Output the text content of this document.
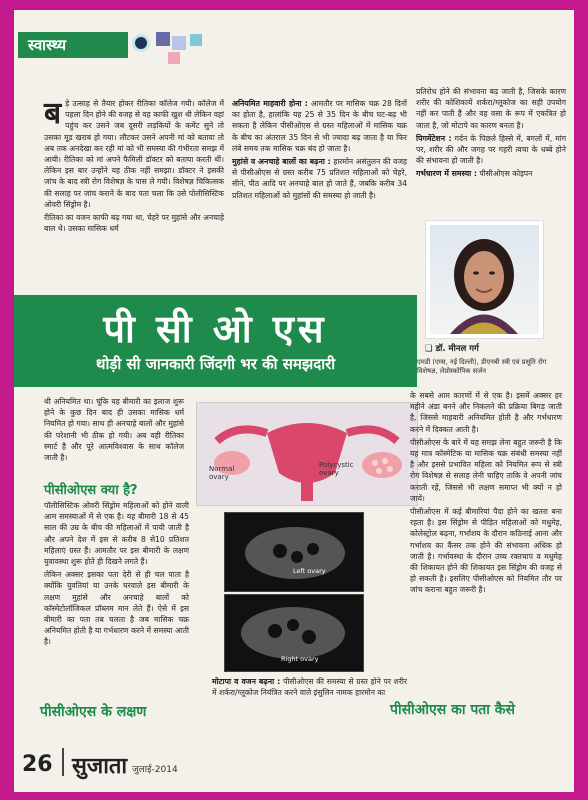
स्वास्थ्य
ब ड़े उत्साह से तैयार होकर रीतिका कॉलेज गयी। कॉलेज में पहला दिन होने की वजह से वह काफी खुश थी लेकिन वहां पहुंच कर उसने जब दूसरी लड़कियों के कमेंट सुने तो उसका मूड खराब हो गया। लौटकर उसने अपनी मां को बताया तो अब तक अनदेखा कर रही मां को भी समस्या की गंभीरता समझ में आयी। रीतिका को मां अपने फैमिली डॉक्टर को बताया करती थीं। लेकिन इस बार उन्होंने यह ठीक नहीं समझा। डॉक्टर ने इसकी जांच के बाद स्त्री रोग विशेषज्ञ के पास ले गयी। विशेषज्ञ चिकित्सक की सलाह पर जांच कराने के बाद पता चला कि उसे पोलीसिस्टिक ओवरी सिंड्रोम है।

रीतिका का वजन काफी बढ़ गया था, चेहरे पर मुहांसे और अनचाहे बाल थे। उसका मासिक धर्म

अनियमित माहवारी होना : आमतौर पर मासिक चक्र 28 दिनों का होता है, हालांकि यह 25 से 35 दिन के बीच घट-बढ़ भी सकता है लेकिन पीसीओएस से ग्रस्त महिलाओं में मासिक चक्र के बीच का अंतराल 35 दिन से भी ज्यादा बढ़ जाता है या फिर लंबे समय तक मासिक चक्र बंद हो जाता है।

मुहांसे व अनचाहे बालों का बढ़ना : हारमोन असंतुलन की वजह से पीसीओएस से ग्रस्त करीब 75 प्रतिशत महिलाओं को चेहरे, सीने, पीठ आदि पर अनचाहे बाल हो जाते हैं, जबकि करीब 34 प्रतिशत महिलाओं को मुहांसों की समस्या हो जाती है।

प्रतिरोध होने की संभावना बढ़ जाती है, जिसके कारण शरीर की कोशिकायें शर्करा/ग्लूकोज का सही उपयोग नहीं कर पाती हैं और वह वसा के रूप में एकत्रित हो जाता है, जो मोटापे का कारण बनता है।

पिगमेंटेशन : गर्दन के पिछले हिस्से में, बगलों में, मांग पर, शरीर की और जगह पर गहरी त्वचा के धब्बे होने की संभावना हो जाती है।

गर्भधारण में समस्या : पीसीओएस कोइपन

पी सी ओ एस
थोड़ी सी जानकारी जिंदगी भर की समझदारी
❑ डॉ. मीनल गर्ग
एमडी (एम्स, नई दिल्ली), डीएनबी स्त्री एवं प्रसूति रोग विशेषज्ञ, लेप्रोस्कोपिक सर्जन

थी अनियमित था। चूंकि यह बीमारी का इलाज शुरू होने के कुछ दिन बाद ही उसका मासिक धर्म नियमित हो गया। साथ ही अनचाहे बालों और मुहांसे की परेशानी भी ठीक हो गयी। अब वही रीतिका स्मार्ट है और पूरे आत्मविश्वास के साथ कॉलेज जाती है।

पीसीओएस क्या है?

पॉलीसिस्टिक ओवरी सिंड्रोम महिलाओं को होने वाली आम समस्याओं में से एक है। यह बीमारी 18 से 45 साल की उम्र के बीच की महिलाओं में पायी जाती है और अपने देश में इस से करीब 8 से10 प्रतिशत महिलाएं ग्रस्त हैं। आमतौर पर इस बीमारी के लक्षण युवावस्था शुरू होते ही दिखने लगते हैं।

लेकिन अक्सर इसका पता देरी से ही चल पाता है क्योंकि युवतियां या उनके घरवाले इस बीमारी के लक्षण मुहांसे और अनचाहे बालों को कॉस्मेटोलॉजिकल प्रॉब्लम मान लेते हैं। ऐसे में इस बीमारी का पता तब चलता है जब मासिक चक्र अनियमित होती है या गर्भधारण करने में समस्या आती है।

पीसीओएस के लक्षण
Normal ovary
Polycystic ovary
Left ovary
Right ovary

मोटापा व वजन बढ़ना : पीसीओएस की समस्या से ग्रस्त होने पर शरीर में शर्करा/ग्लूकोज नियंत्रित करने वाले इंसुलिन नामक हारमोन का

के सबसे आम कारणों में से एक है। इसमें अक्सर हर महीने अंडा बनने और निकलने की प्रक्रिया बिगड़ जाती है, जिससे माहवारी अनियमित होती है और गर्भधारण करने में दिक्कत आती है।

पीसीओएस के बारे में यह समझ लेना बहुत जरूरी है कि यह मात्र कॉस्मेटिक या मासिक चक्र संबंधी समस्या नहीं है और इससे प्रभावित महिला को नियमित रूप से स्त्री रोग विशेषज्ञ से सलाह लेनी चाहिए ताकि वे अपनी जांच कराती रहें, जिससे भी लक्षण समाप्त भी क्यों न हो जायें।

पीसीओएस में कई बीमारियां पैदा होने का खतरा बना रहता है। इस सिंड्रोम से पीड़ित महिलाओं को मधुमेह, कोलेस्ट्रोल बढ़ना, गर्भाशय के दौरान कठिनाई आना और गर्भाशय का कैंसर तक होने की संभावना अधिक हो जाती है। गर्भावस्था के दौरान उच्च रक्तचाप व मधुमेह की शिकायत होने की शिकायत इस सिंड्रोम की वजह से हो सकती है। इसलिए पीसीओएस को नियमित तौर पर जांच कराना बहुत जरूरी है।

पीसीओएस का पता कैसे
26 सुजाता जुलाई-2014
